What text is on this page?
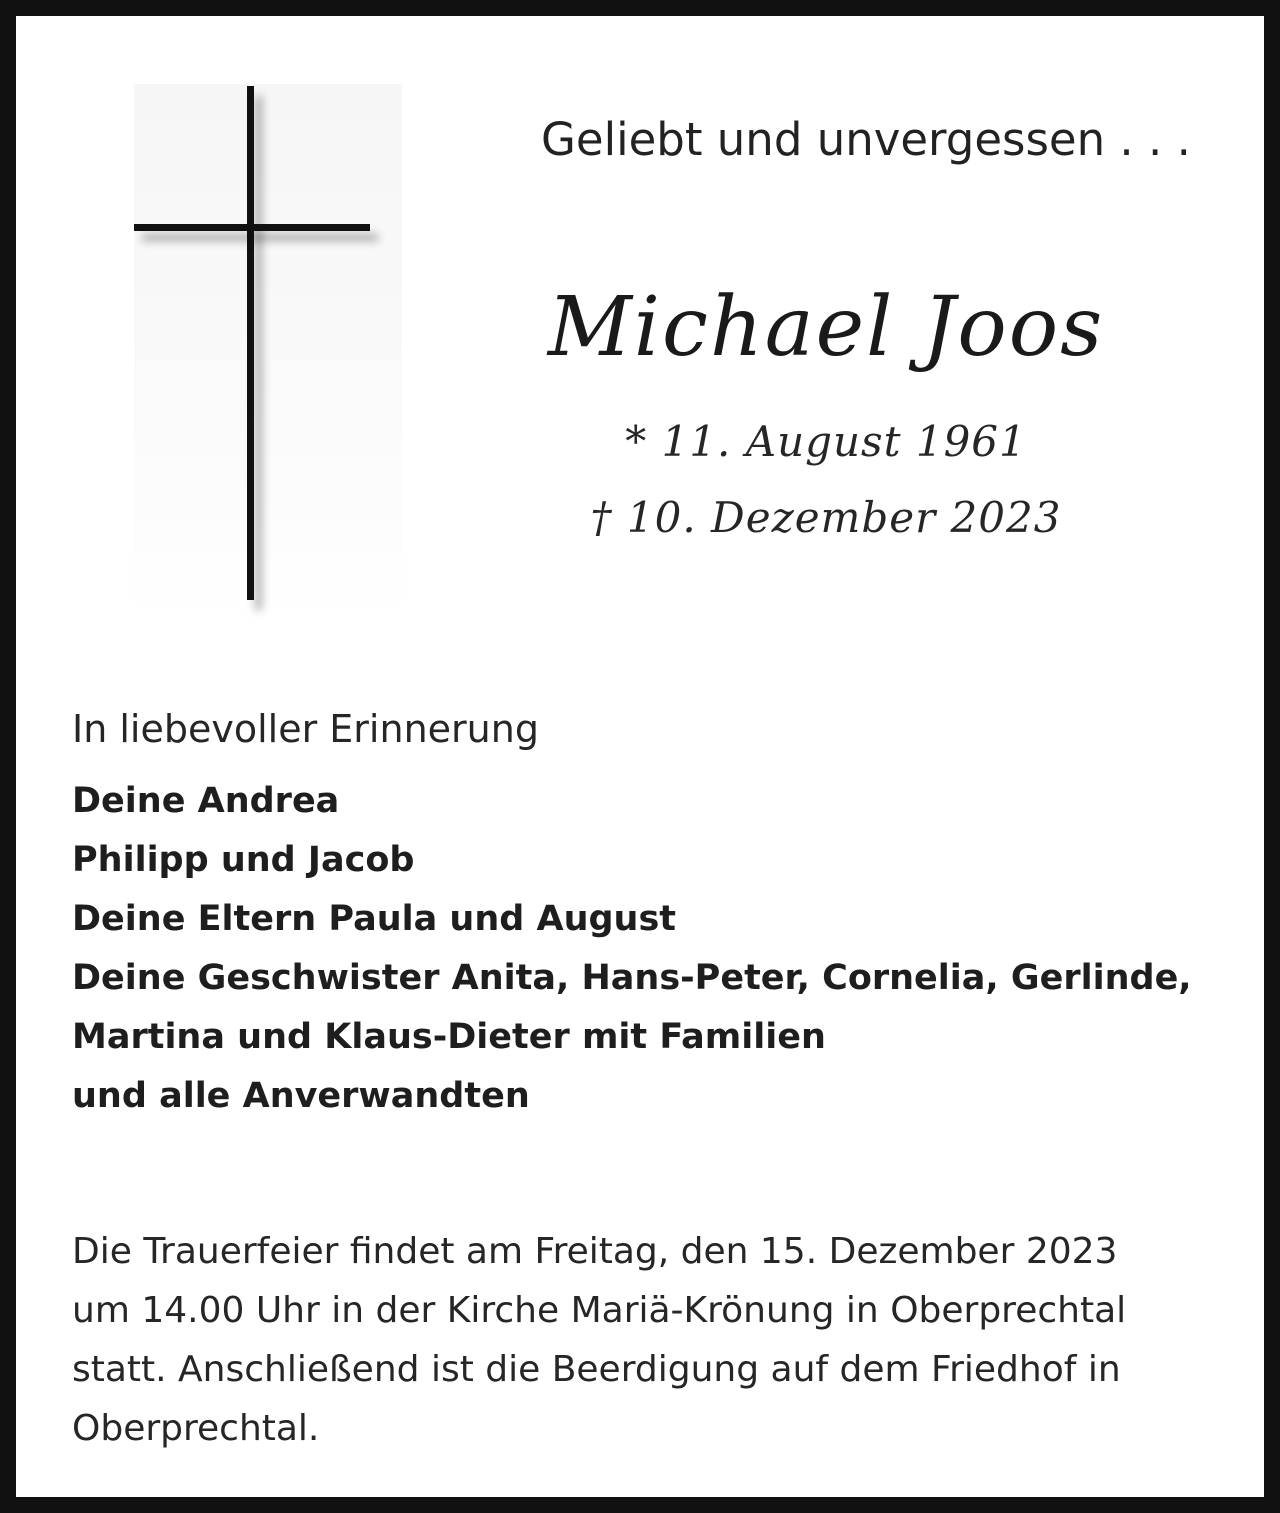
Geliebt und unvergessen . . .
Michael Joos
* 11. August 1961
† 10. Dezember 2023
In liebevoller Erinnerung
Deine Andrea
Philipp und Jacob
Deine Eltern Paula und August
Deine Geschwister Anita, Hans-Peter, Cornelia, Gerlinde,
Martina und Klaus-Dieter mit Familien
und alle Anverwandten
Die Trauerfeier findet am Freitag, den 15. Dezember 2023
um 14.00 Uhr in der Kirche Mariä-Krönung in Oberprechtal
statt. Anschließend ist die Beerdigung auf dem Friedhof in
Oberprechtal.
